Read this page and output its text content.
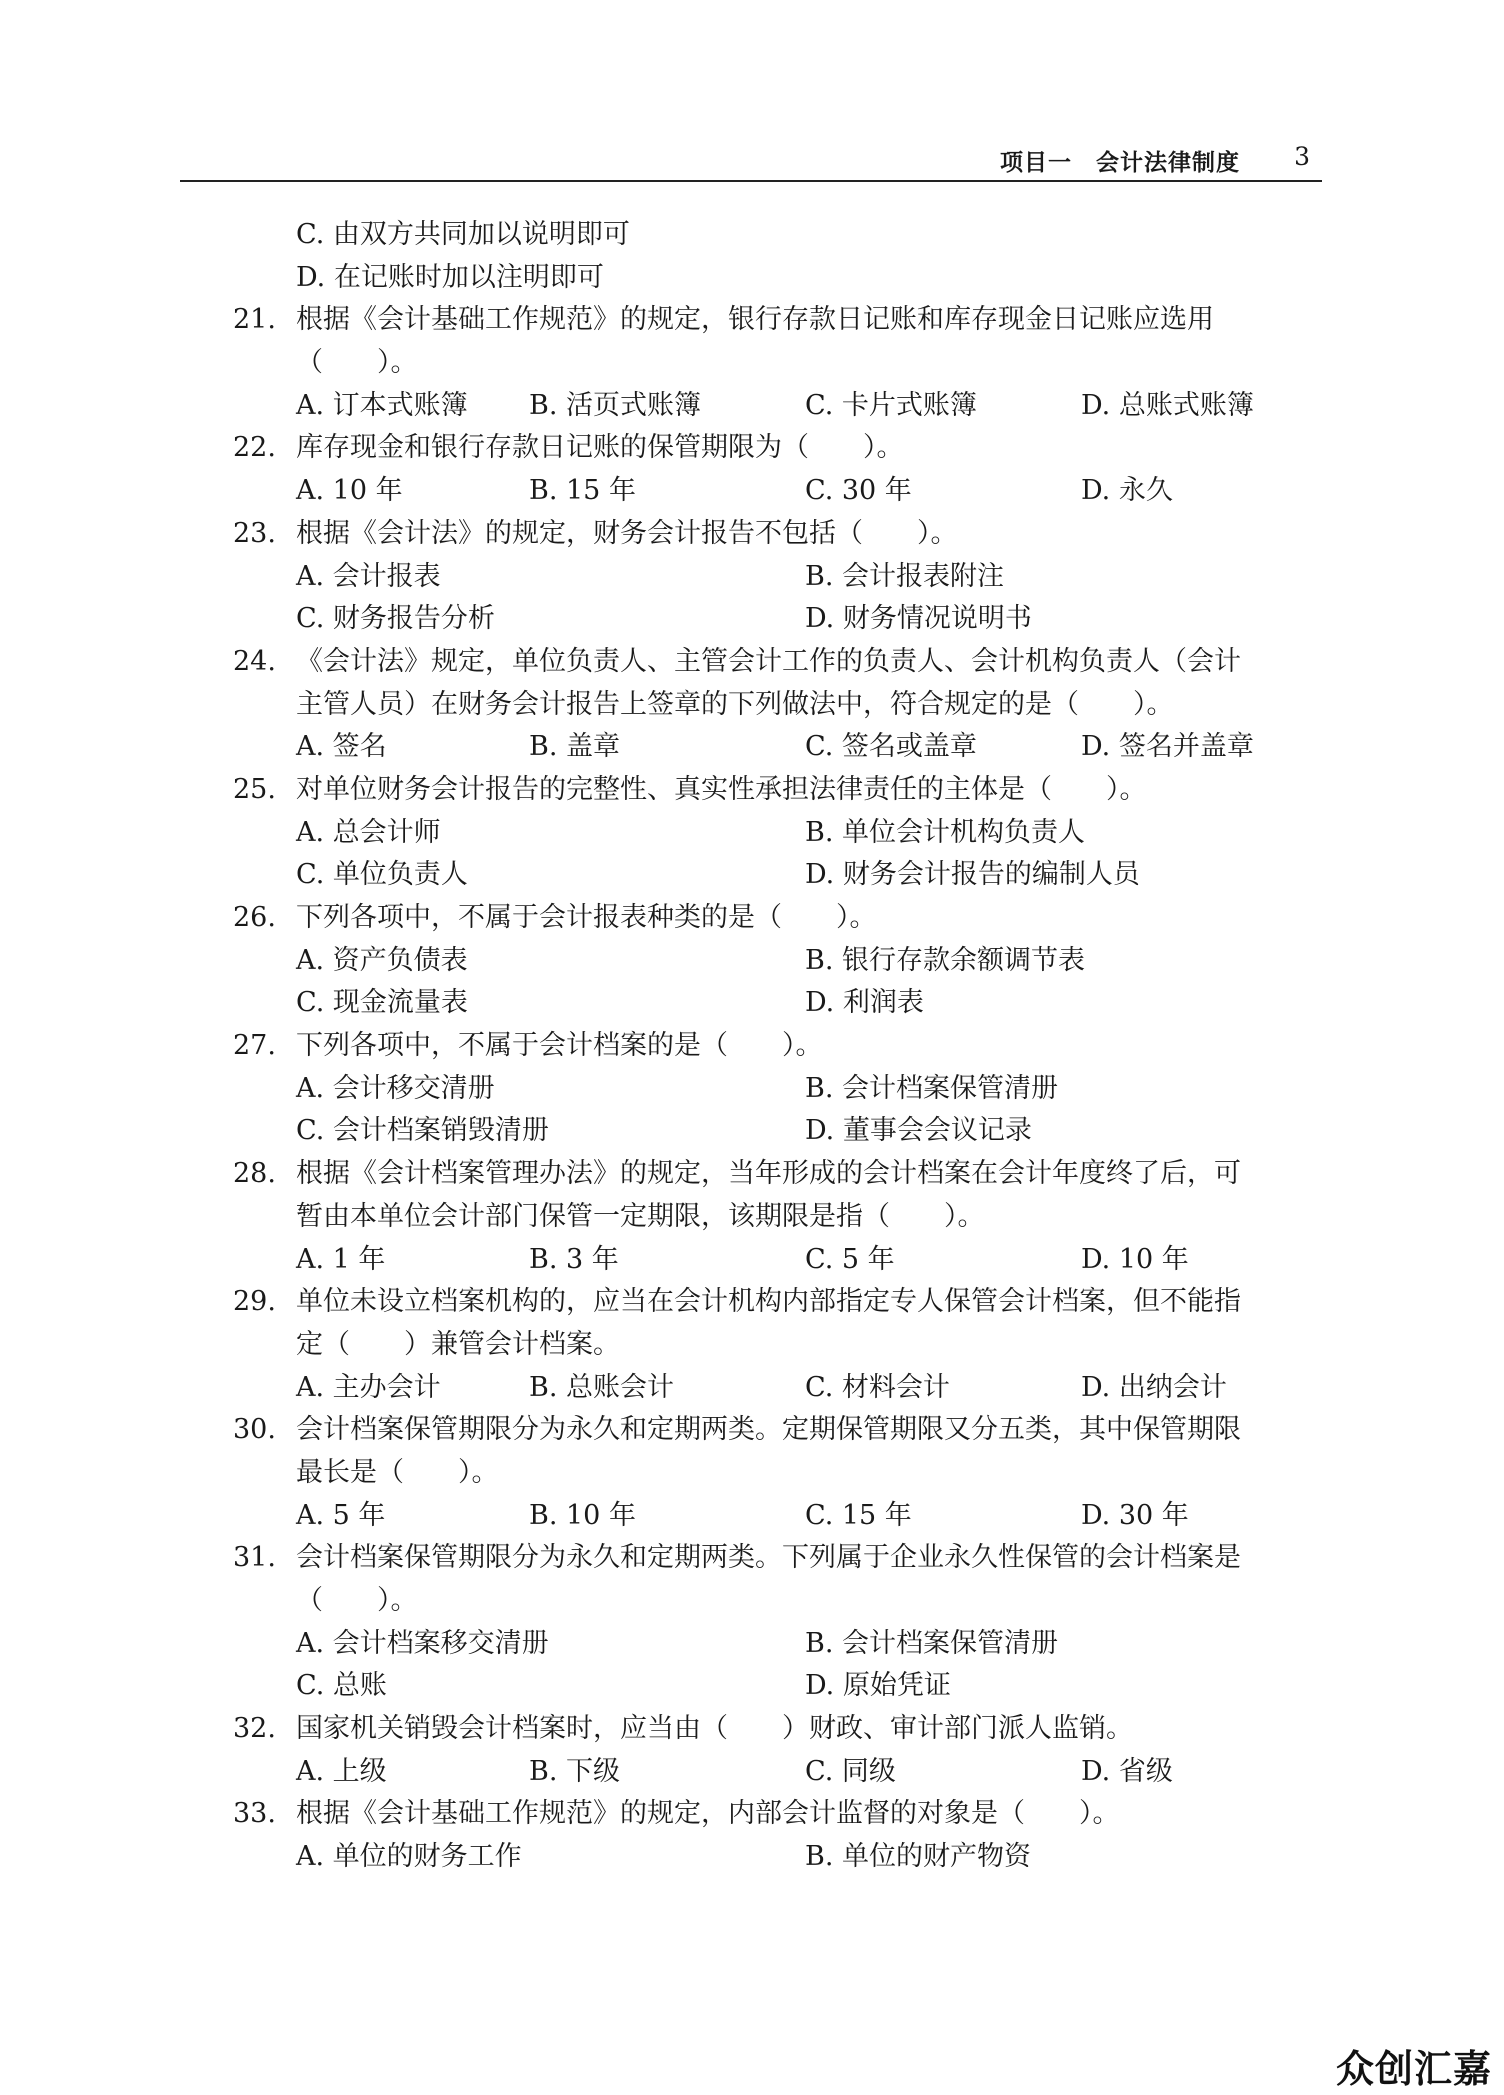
项目一　会计法律制度 3
C. 由双方共同加以说明即可
D. 在记账时加以注明即可
21. 根据《会计基础工作规范》的规定，银行存款日记账和库存现金日记账应选用
（　　）。
A. 订本式账簿 B. 活页式账簿	C. 卡片式账簿	D. 总账式账簿
22. 库存现金和银行存款日记账的保管期限为（　　）。
A. 10 年	B. 15 年	C. 30 年	D. 永久
23. 根据《会计法》的规定，财务会计报告不包括（　　）。
A. 会计报表	B. 会计报表附注
C. 财务报告分析	D. 财务情况说明书
24. 《会计法》规定，单位负责人、主管会计工作的负责人、会计机构负责人（会计
主管人员）在财务会计报告上签章的下列做法中，符合规定的是（　　）。
A. 签名	B. 盖章	C. 签名或盖章	D. 签名并盖章
25. 对单位财务会计报告的完整性、真实性承担法律责任的主体是（　　）。
A. 总会计师	B. 单位会计机构负责人
C. 单位负责人	D. 财务会计报告的编制人员
26. 下列各项中，不属于会计报表种类的是（　　）。
A. 资产负债表	B. 银行存款余额调节表
C. 现金流量表	D. 利润表
27. 下列各项中，不属于会计档案的是（　　）。
A. 会计移交清册	B. 会计档案保管清册
C. 会计档案销毁清册	D. 董事会会议记录
28. 根据《会计档案管理办法》的规定，当年形成的会计档案在会计年度终了后，可
暂由本单位会计部门保管一定期限，该期限是指（　　）。
A. 1 年	B. 3 年	C. 5 年	D. 10 年
29. 单位未设立档案机构的，应当在会计机构内部指定专人保管会计档案，但不能指
定（　　）兼管会计档案。
A. 主办会计	B. 总账会计	C. 材料会计	D. 出纳会计
30. 会计档案保管期限分为永久和定期两类。定期保管期限又分五类，其中保管期限
最长是（　　）。
A. 5 年	B. 10 年	C. 15 年	D. 30 年
31. 会计档案保管期限分为永久和定期两类。下列属于企业永久性保管的会计档案是
（　　）。
A. 会计档案移交清册	B. 会计档案保管清册
C. 总账	D. 原始凭证
32. 国家机关销毁会计档案时，应当由（　　）财政、审计部门派人监销。
A. 上级	B. 下级	C. 同级	D. 省级
33. 根据《会计基础工作规范》的规定，内部会计监督的对象是（　　）。
A. 单位的财务工作	B. 单位的财产物资
众创汇嘉
